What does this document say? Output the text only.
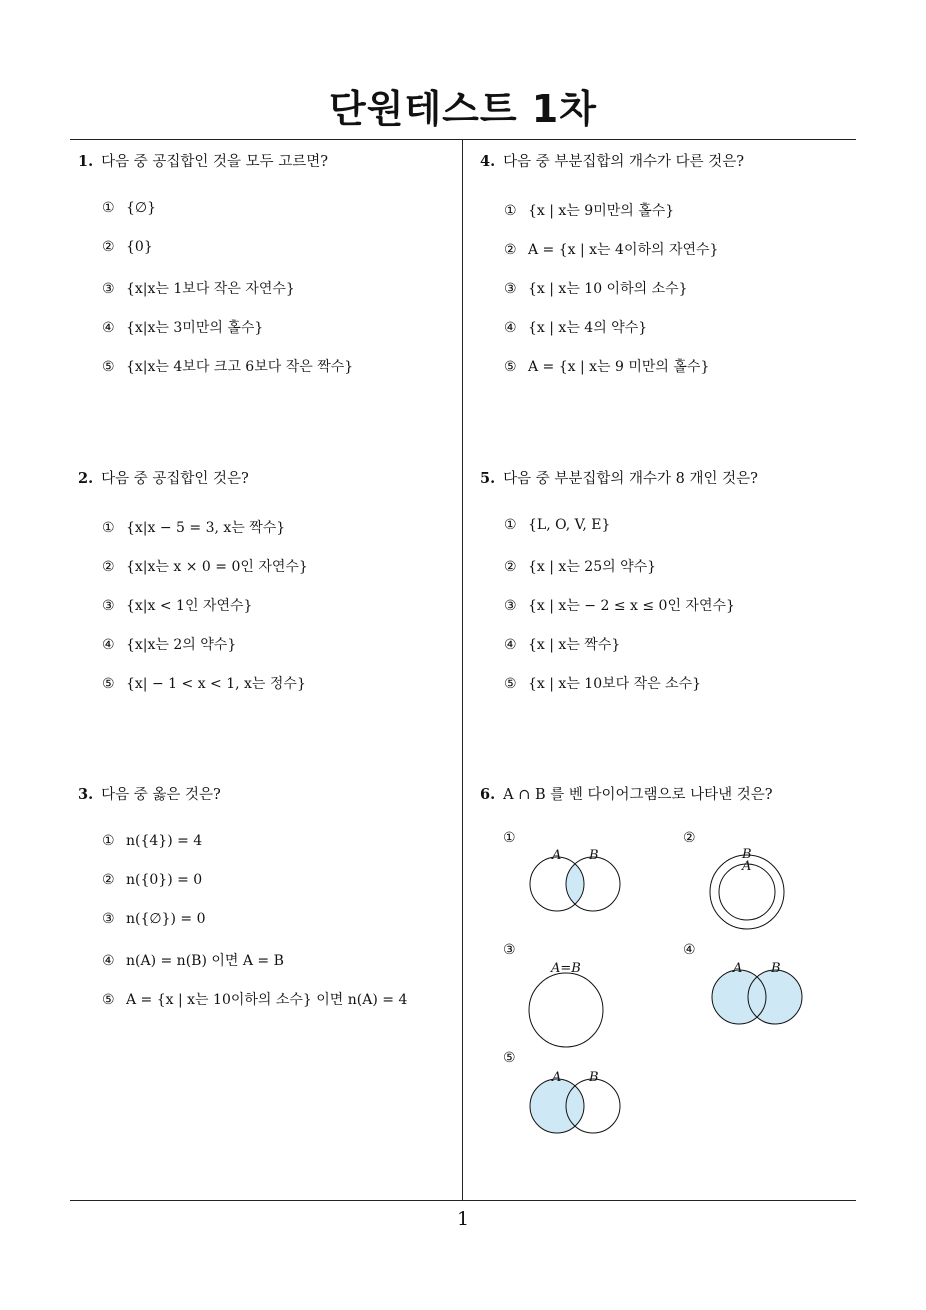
단원테스트 1차
1. 다음 중 공집합인 것을 모두 고르면?
① {∅}
② {0}
③ {x|x는 1보다 작은 자연수}
④ {x|x는 3미만의 홀수}
⑤ {x|x는 4보다 크고 6보다 작은 짝수}
2. 다음 중 공집합인 것은?
① {x|x − 5 = 3, x는 짝수}
② {x|x는 x × 0 = 0인 자연수}
③ {x|x < 1인 자연수}
④ {x|x는 2의 약수}
⑤ {x| − 1 < x < 1, x는 정수}
3. 다음 중 옳은 것은?
① n({4}) = 4
② n({0}) = 0
③ n({∅}) = 0
④ n(A) = n(B) 이면 A = B
⑤ A = {x | x는 10이하의 소수} 이면 n(A) = 4
4. 다음 중 부분집합의 개수가 다른 것은?
① {x | x는 9미만의 홀수}
② A = {x | x는 4이하의 자연수}
③ {x | x는 10 이하의 소수}
④ {x | x는 4의 약수}
⑤ A = {x | x는 9 미만의 홀수}
5. 다음 중 부분집합의 개수가 8 개인 것은?
① {L, O, V, E}
② {x | x는 25의 약수}
③ {x | x는 − 2 ≤ x ≤ 0인 자연수}
④ {x | x는 짝수}
⑤ {x | x는 10보다 작은 소수}
6. A ∩ B 를 벤 다이어그램으로 나타낸 것은?
①
A B
②
B
A
③
A=B
④
A B
⑤
A B
1
